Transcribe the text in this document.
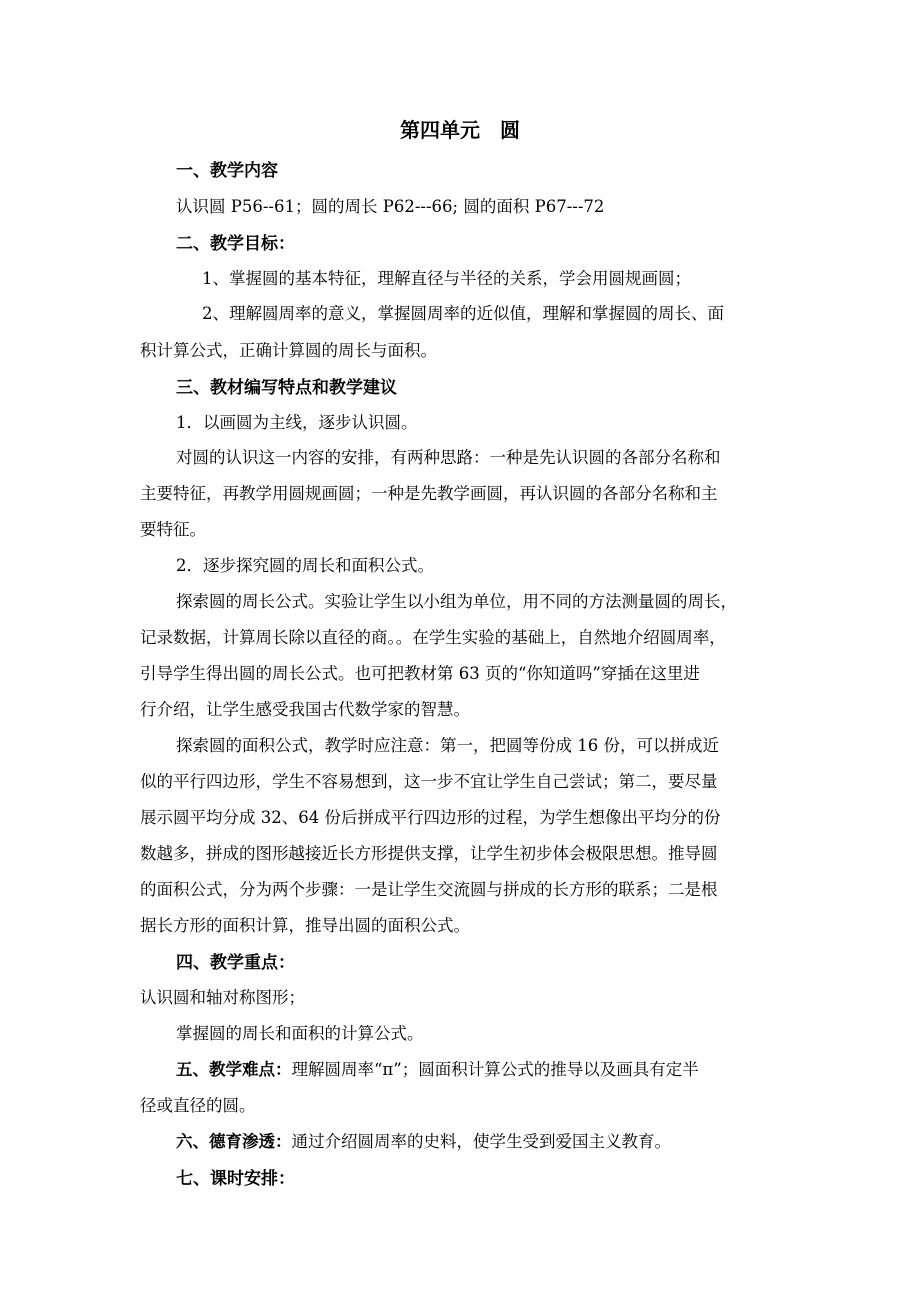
第四单元　圆
一、教学内容
认识圆 P56--61；圆的周长 P62---66; 圆的面积 P67---72
二、教学目标：
1、掌握圆的基本特征，理解直径与半径的关系，学会用圆规画圆；
2、理解圆周率的意义，掌握圆周率的近似值，理解和掌握圆的周长、面
积计算公式，正确计算圆的周长与面积。
三、教材编写特点和教学建议
1．以画圆为主线，逐步认识圆。
对圆的认识这一内容的安排，有两种思路：一种是先认识圆的各部分名称和
主要特征，再教学用圆规画圆；一种是先教学画圆，再认识圆的各部分名称和主
要特征。
2．逐步探究圆的周长和面积公式。
探索圆的周长公式。实验让学生以小组为单位，用不同的方法测量圆的周长，
记录数据，计算周长除以直径的商。。在学生实验的基础上，自然地介绍圆周率，
引导学生得出圆的周长公式。也可把教材第 63 页的“你知道吗”穿插在这里进
行介绍，让学生感受我国古代数学家的智慧。
探索圆的面积公式，教学时应注意：第一，把圆等份成 16 份，可以拼成近
似的平行四边形，学生不容易想到，这一步不宜让学生自己尝试；第二，要尽量
展示圆平均分成 32、64 份后拼成平行四边形的过程，为学生想像出平均分的份
数越多，拼成的图形越接近长方形提供支撑，让学生初步体会极限思想。推导圆
的面积公式，分为两个步骤：一是让学生交流圆与拼成的长方形的联系；二是根
据长方形的面积计算，推导出圆的面积公式。
四、教学重点：
认识圆和轴对称图形；
掌握圆的周长和面积的计算公式。
五、教学难点：理解圆周率“π”；圆面积计算公式的推导以及画具有定半
径或直径的圆。
六、德育渗透：通过介绍圆周率的史料，使学生受到爱国主义教育。
七、课时安排：
